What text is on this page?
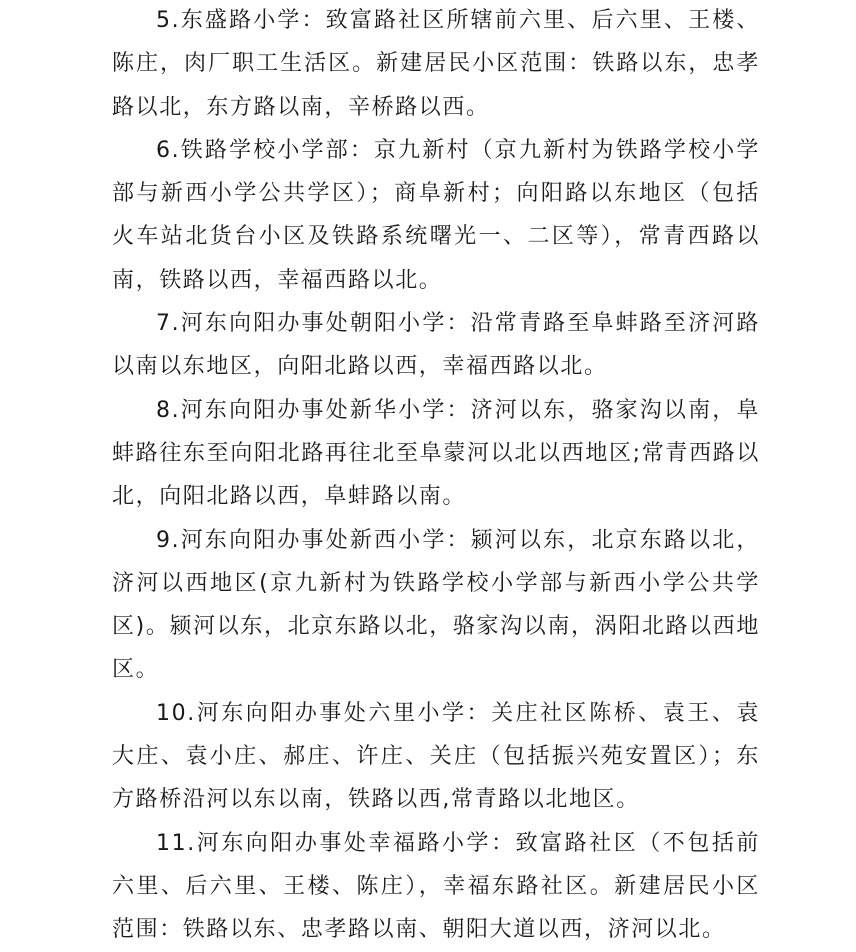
5.东盛路小学：致富路社区所辖前六里、后六里、王楼、陈庄，肉厂职工生活区。新建居民小区范围：铁路以东，忠孝路以北，东方路以南，辛桥路以西。

6.铁路学校小学部：京九新村（京九新村为铁路学校小学部与新西小学公共学区）；商阜新村；向阳路以东地区（包括火车站北货台小区及铁路系统曙光一、二区等），常青西路以南，铁路以西，幸福西路以北。

7.河东向阳办事处朝阳小学：沿常青路至阜蚌路至济河路以南以东地区，向阳北路以西，幸福西路以北。

8.河东向阳办事处新华小学：济河以东，骆家沟以南，阜蚌路往东至向阳北路再往北至阜蒙河以北以西地区;常青西路以北，向阳北路以西，阜蚌路以南。

9.河东向阳办事处新西小学：颍河以东，北京东路以北，济河以西地区(京九新村为铁路学校小学部与新西小学公共学区)。颍河以东，北京东路以北，骆家沟以南，涡阳北路以西地区。

10.河东向阳办事处六里小学：关庄社区陈桥、袁王、袁大庄、袁小庄、郝庄、许庄、关庄（包括振兴苑安置区）；东方路桥沿河以东以南，铁路以西,常青路以北地区。

11.河东向阳办事处幸福路小学：致富路社区（不包括前六里、后六里、王楼、陈庄），幸福东路社区。新建居民小区范围：铁路以东、忠孝路以南、朝阳大道以西，济河以北。
